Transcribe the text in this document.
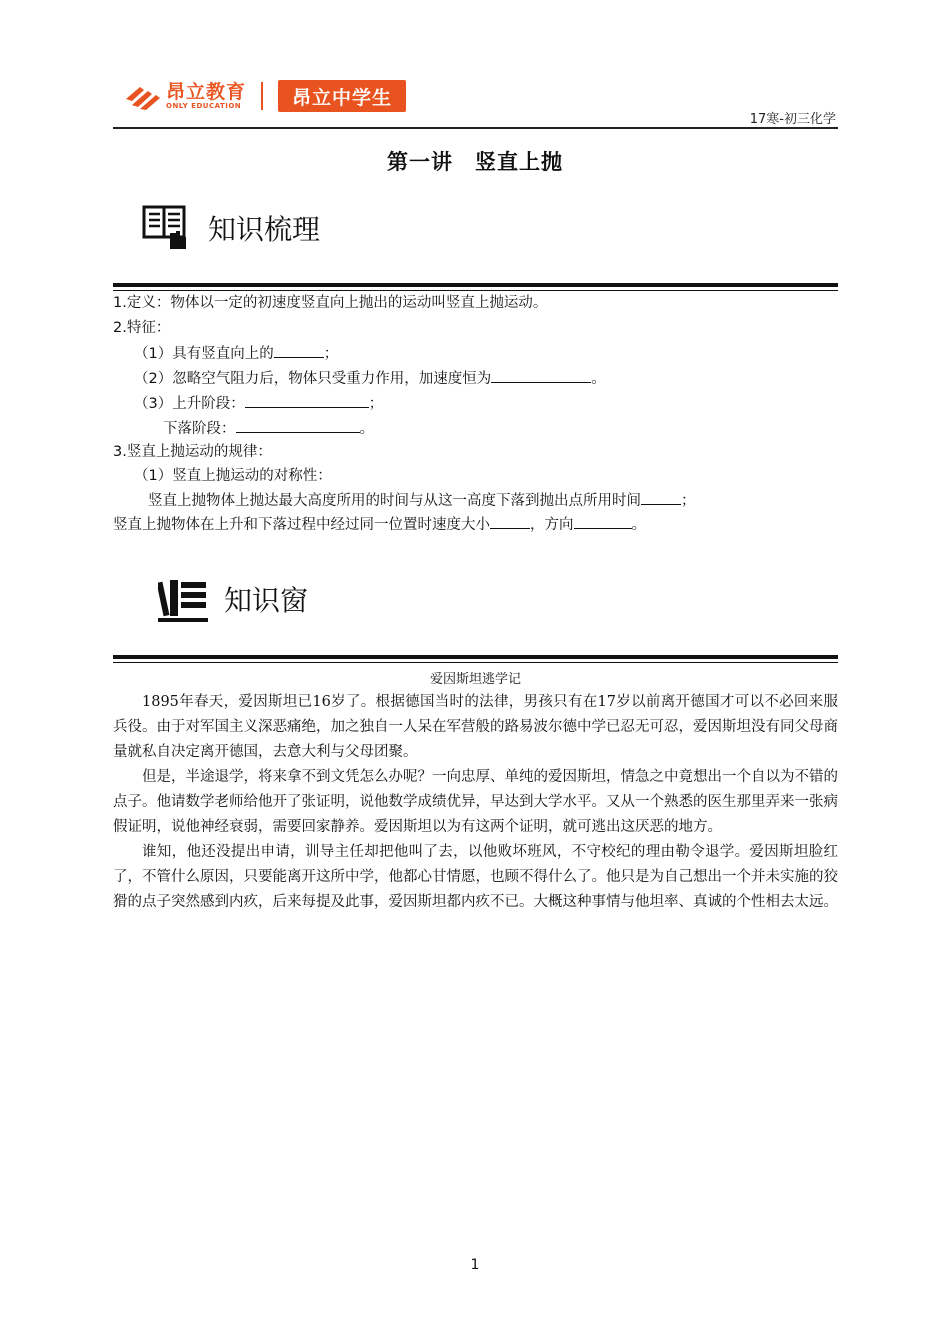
昂立教育
ONLY EDUCATION	昂立中学生
17寒-初三化学
第一讲　竖直上抛
知识梳理
1.定义：物体以一定的初速度竖直向上抛出的运动叫竖直上抛运动。
2.特征：
（1）具有竖直向上的	；
（2）忽略空气阻力后，物体只受重力作用，加速度恒为	。
（3）上升阶段：	；
下落阶段：	。
3.竖直上抛运动的规律：
（1）竖直上抛运动的对称性：
竖直上抛物体上抛达最大高度所用的时间与从这一高度下落到抛出点所用时间	；
竖直上抛物体在上升和下落过程中经过同一位置时速度大小	，方向	。
知识窗
爱因斯坦逃学记

1895年春天，爱因斯坦已16岁了。根据德国当时的法律，男孩只有在17岁以前离开德国才可以不必回来服兵役。由于对军国主义深恶痛绝，加之独自一人呆在军营般的路易波尔德中学已忍无可忍，爱因斯坦没有同父母商量就私自决定离开德国，去意大利与父母团聚。

但是，半途退学，将来拿不到文凭怎么办呢？一向忠厚、单纯的爱因斯坦，情急之中竟想出一个自以为不错的点子。他请数学老师给他开了张证明，说他数学成绩优异，早达到大学水平。又从一个熟悉的医生那里弄来一张病假证明，说他神经衰弱，需要回家静养。爱因斯坦以为有这两个证明，就可逃出这厌恶的地方。

谁知，他还没提出申请，训导主任却把他叫了去，以他败坏班风，不守校纪的理由勒令退学。爱因斯坦脸红了，不管什么原因，只要能离开这所中学，他都心甘情愿，也顾不得什么了。他只是为自己想出一个并未实施的狡猾的点子突然感到内疚，后来每提及此事，爱因斯坦都内疚不已。大概这种事情与他坦率、真诚的个性相去太远。

1
